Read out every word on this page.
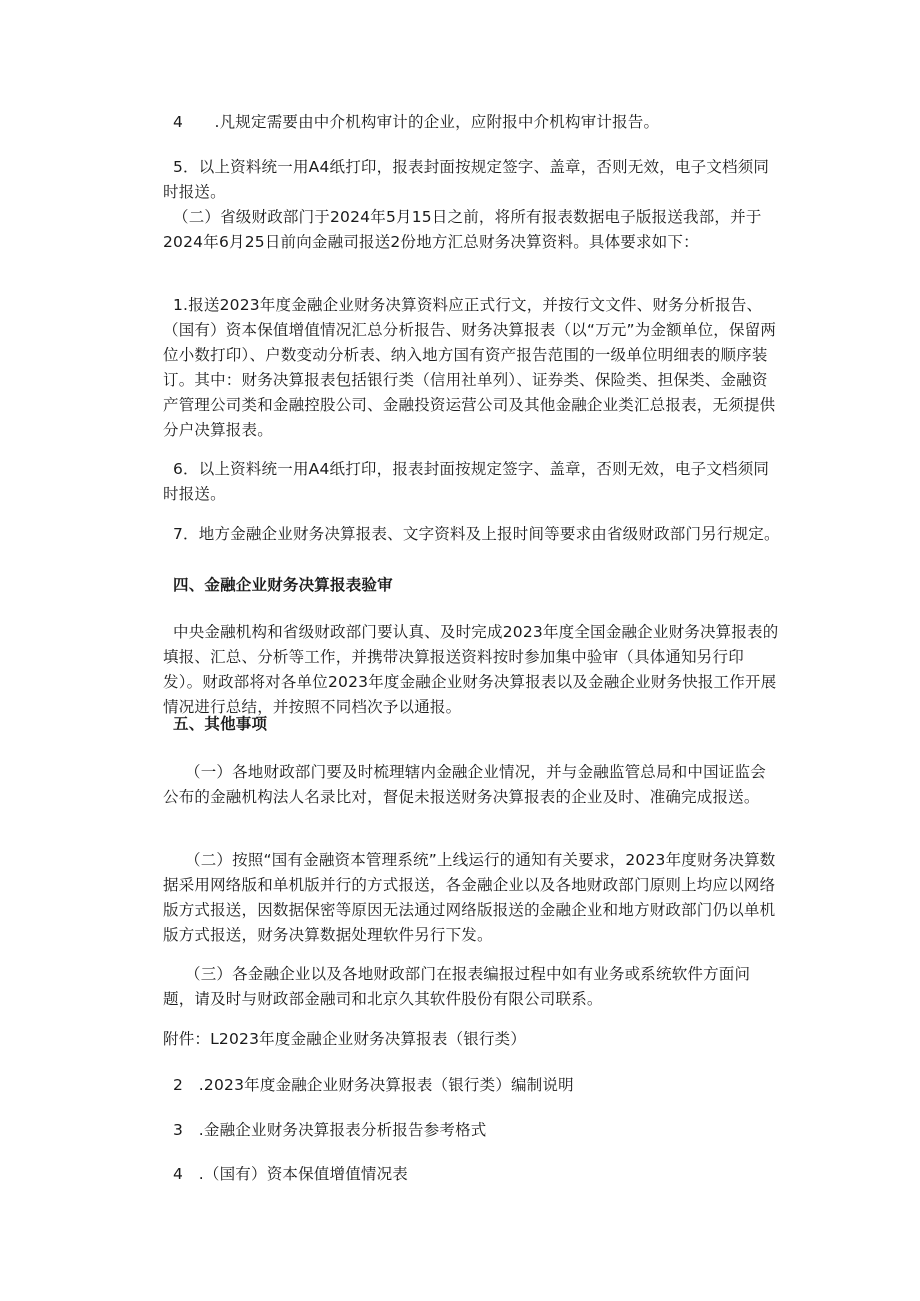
4　　.凡规定需要由中介机构审计的企业，应附报中介机构审计报告。

5．以上资料统一用A4纸打印，报表封面按规定签字、盖章，否则无效，电子文档须同时报送。

（二）省级财政部门于2024年5月15日之前，将所有报表数据电子版报送我部，并于2024年6月25日前向金融司报送2份地方汇总财务决算资料。具体要求如下：

1.报送2023年度金融企业财务决算资料应正式行文，并按行文文件、财务分析报告、（国有）资本保值增值情况汇总分析报告、财务决算报表（以“万元”为金额单位，保留两位小数打印）、户数变动分析表、纳入地方国有资产报告范围的一级单位明细表的顺序装订。其中：财务决算报表包括银行类（信用社单列）、证券类、保险类、担保类、金融资产管理公司类和金融控股公司、金融投资运营公司及其他金融企业类汇总报表，无须提供分户决算报表。

6．以上资料统一用A4纸打印，报表封面按规定签字、盖章，否则无效，电子文档须同时报送。

7．地方金融企业财务决算报表、文字资料及上报时间等要求由省级财政部门另行规定。

四、金融企业财务决算报表验审

中央金融机构和省级财政部门要认真、及时完成2023年度全国金融企业财务决算报表的填报、汇总、分析等工作，并携带决算报送资料按时参加集中验审（具体通知另行印发）。财政部将对各单位2023年度金融企业财务决算报表以及金融企业财务快报工作开展情况进行总结，并按照不同档次予以通报。

五、其他事项

（一）各地财政部门要及时梳理辖内金融企业情况，并与金融监管总局和中国证监会公布的金融机构法人名录比对，督促未报送财务决算报表的企业及时、准确完成报送。

（二）按照“国有金融资本管理系统”上线运行的通知有关要求，2023年度财务决算数据采用网络版和单机版并行的方式报送，各金融企业以及各地财政部门原则上均应以网络版方式报送，因数据保密等原因无法通过网络版报送的金融企业和地方财政部门仍以单机版方式报送，财务决算数据处理软件另行下发。

（三）各金融企业以及各地财政部门在报表编报过程中如有业务或系统软件方面问题，请及时与财政部金融司和北京久其软件股份有限公司联系。

附件：L2023年度金融企业财务决算报表（银行类）

2　.2023年度金融企业财务决算报表（银行类）编制说明

3　.金融企业财务决算报表分析报告参考格式

4　.（国有）资本保值增值情况表
